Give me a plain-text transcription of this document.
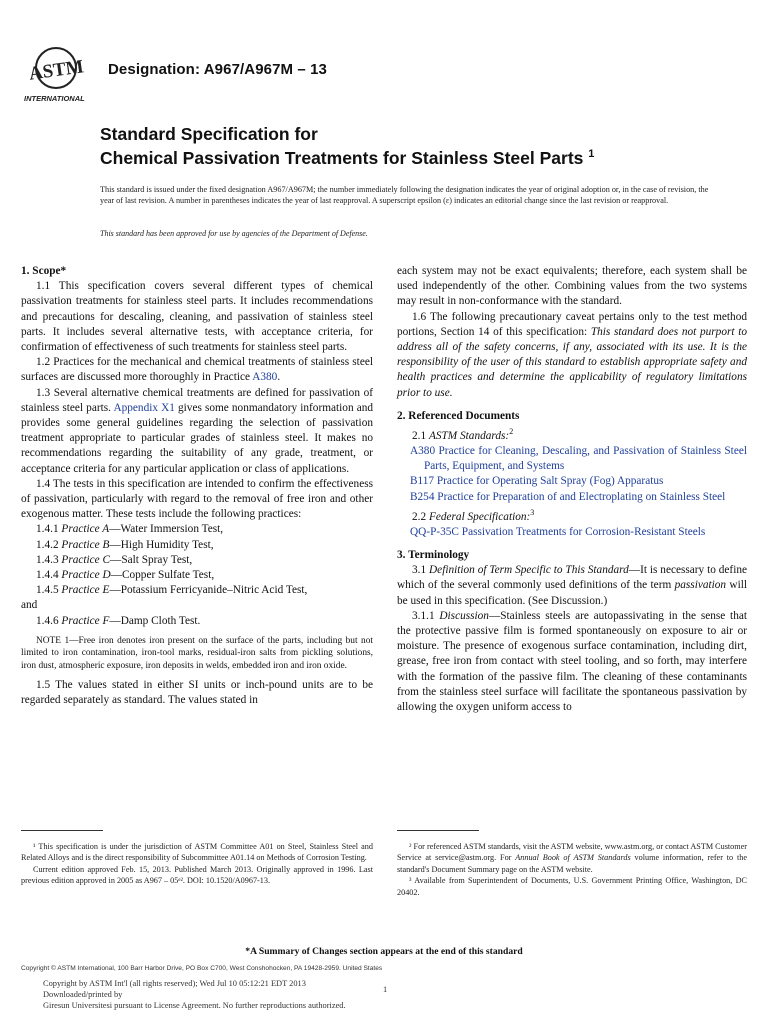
ASTM
INTERNATIONAL
Designation: A967/A967M – 13
Standard Specification for
Chemical Passivation Treatments for Stainless Steel Parts $^1$
This standard is issued under the fixed designation A967/A967M; the number immediately following the designation indicates the year of original adoption or, in the case of revision, the year of last revision. A number in parentheses indicates the year of last reapproval. A superscript epsilon (ε) indicates an editorial change since the last revision or reapproval.
This standard has been approved for use by agencies of the Department of Defense.

1. Scope*

1.1 This specification covers several different types of chemical passivation treatments for stainless steel parts. It includes recommendations and precautions for descaling, cleaning, and passivation of stainless steel parts. It includes several alternative tests, with acceptance criteria, for confirmation of effectiveness of such treatments for stainless steel parts.

1.2 Practices for the mechanical and chemical treatments of stainless steel surfaces are discussed more thoroughly in Practice A380.

1.3 Several alternative chemical treatments are defined for passivation of stainless steel parts. Appendix X1 gives some nonmandatory information and provides some general guidelines regarding the selection of passivation treatment appropriate to particular grades of stainless steel. It makes no recommendations regarding the suitability of any grade, treatment, or acceptance criteria for any particular application or class of applications.

1.4 The tests in this specification are intended to confirm the effectiveness of passivation, particularly with regard to the removal of free iron and other exogenous matter. These tests include the following practices:

1.4.1 Practice A—Water Immersion Test,

1.4.2 Practice B—High Humidity Test,

1.4.3 Practice C—Salt Spray Test,

1.4.4 Practice D—Copper Sulfate Test,

1.4.5 Practice E—Potassium Ferricyanide–Nitric Acid Test,

and

1.4.6 Practice F—Damp Cloth Test.

NOTE 1—Free iron denotes iron present on the surface of the parts, including but not limited to iron contamination, iron-tool marks, residual-iron salts from pickling solutions, iron dust, atmospheric exposure, iron deposits in welds, embedded iron and iron oxide.

1.5 The values stated in either SI units or inch-pound units are to be regarded separately as standard. The values stated in

each system may not be exact equivalents; therefore, each system shall be used independently of the other. Combining values from the two systems may result in non-conformance with the standard.

1.6 The following precautionary caveat pertains only to the test method portions, Section 14 of this specification: This standard does not purport to address all of the safety concerns, if any, associated with its use. It is the responsibility of the user of this standard to establish appropriate safety and health practices and determine the applicability of regulatory limitations prior to use.

2. Referenced Documents

2.1 ASTM Standards:$^2$

A380 Practice for Cleaning, Descaling, and Passivation of Stainless Steel Parts, Equipment, and Systems

B117 Practice for Operating Salt Spray (Fog) Apparatus

B254 Practice for Preparation of and Electroplating on Stainless Steel

2.2 Federal Specification:$^3$

QQ-P-35C Passivation Treatments for Corrosion-Resistant Steels

3. Terminology

3.1 Definition of Term Specific to This Standard—It is necessary to define which of the several commonly used definitions of the term passivation will be used in this specification. (See Discussion.)

3.1.1 Discussion—Stainless steels are autopassivating in the sense that the protective passive film is formed spontaneously on exposure to air or moisture. The presence of exogenous surface contamination, including dirt, grease, free iron from contact with steel tooling, and so forth, may interfere with the formation of the passive film. The cleaning of these contaminants from the stainless steel surface will facilitate the spontaneous passivation by allowing the oxygen uniform access to

¹ This specification is under the jurisdiction of ASTM Committee A01 on Steel, Stainless Steel and Related Alloys and is the direct responsibility of Subcommittee A01.14 on Methods of Corrosion Testing.

Current edition approved Feb. 15, 2013. Published March 2013. Originally approved in 1996. Last previous edition approved in 2005 as A967 – 05ᵉ². DOI: 10.1520/A0967-13.

² For referenced ASTM standards, visit the ASTM website, www.astm.org, or contact ASTM Customer Service at service@astm.org. For Annual Book of ASTM Standards volume information, refer to the standard's Document Summary page on the ASTM website.

³ Available from Superintendent of Documents, U.S. Government Printing Office, Washington, DC 20402.

*A Summary of Changes section appears at the end of this standard
Copyright © ASTM International, 100 Barr Harbor Drive, PO Box C700, West Conshohocken, PA 19428-2959. United States
Copyright by ASTM Int'l (all rights reserved); Wed Jul 10 05:12:21 EDT 2013
Downloaded/printed by
Giresun Universitesi pursuant to License Agreement. No further reproductions authorized.
1
